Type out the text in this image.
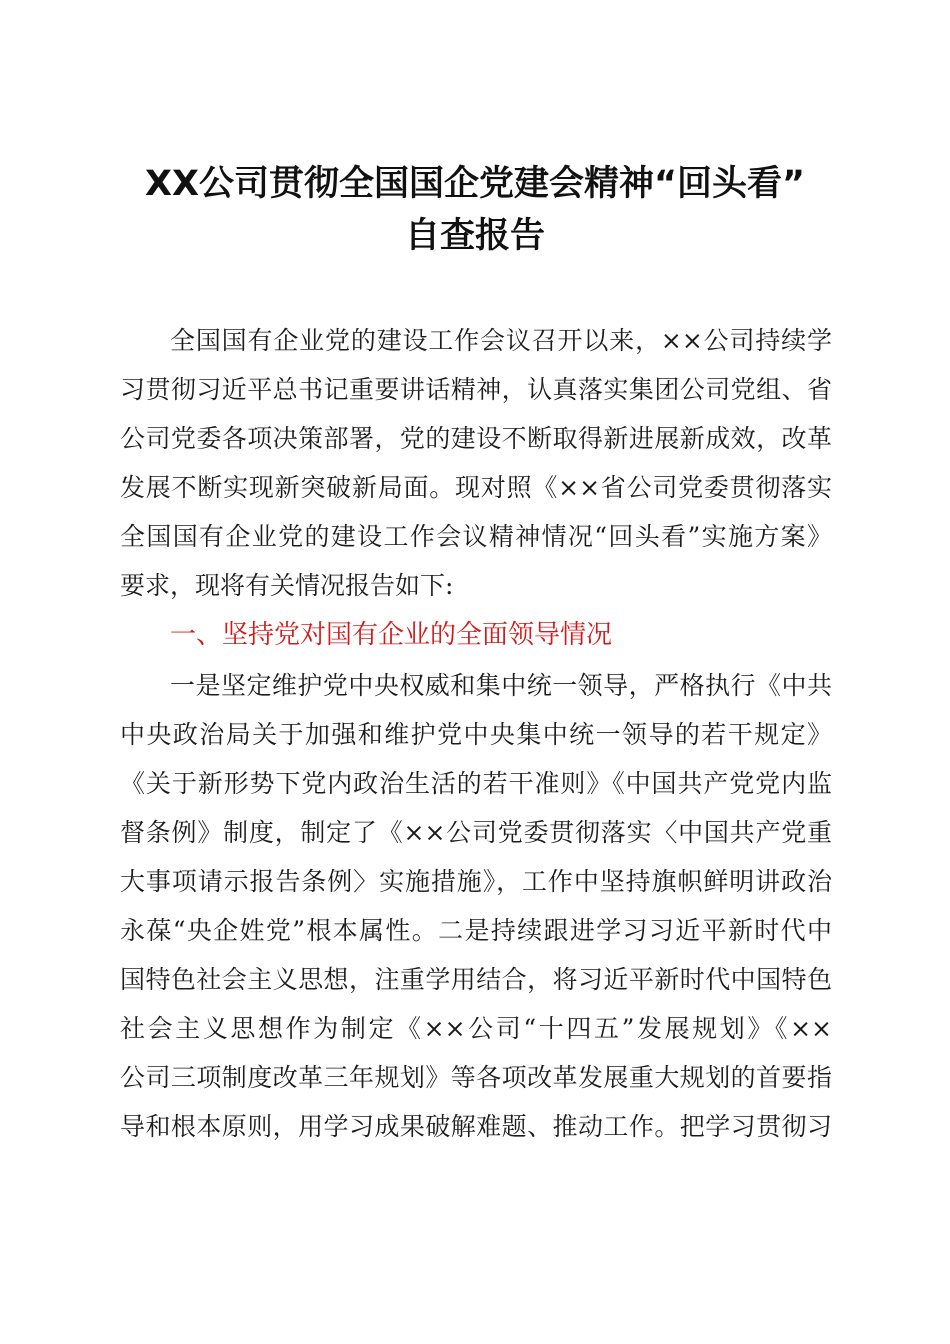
XX公司贯彻全国国企党建会精神“回头看”
自查报告
全国国有企业党的建设工作会议召开以来，××公司持续学
习贯彻习近平总书记重要讲话精神，认真落实集团公司党组、省
公司党委各项决策部署，党的建设不断取得新进展新成效，改革
发展不断实现新突破新局面。现对照《××省公司党委贯彻落实
全国国有企业党的建设工作会议精神情况“回头看”实施方案》
要求，现将有关情况报告如下:
一、坚持党对国有企业的全面领导情况
一是坚定维护党中央权威和集中统一领导，严格执行《中共
中央政治局关于加强和维护党中央集中统一领导的若干规定》
《关于新形势下党内政治生活的若干准则》《中国共产党党内监
督条例》制度，制定了《××公司党委贯彻落实〈中国共产党重
大事项请示报告条例〉实施措施》，工作中坚持旗帜鲜明讲政治
永葆“央企姓党”根本属性。二是持续跟进学习习近平新时代中
国特色社会主义思想，注重学用结合，将习近平新时代中国特色
社会主义思想作为制定《××公司“十四五”发展规划》《××
公司三项制度改革三年规划》等各项改革发展重大规划的首要指
导和根本原则，用学习成果破解难题、推动工作。把学习贯彻习
